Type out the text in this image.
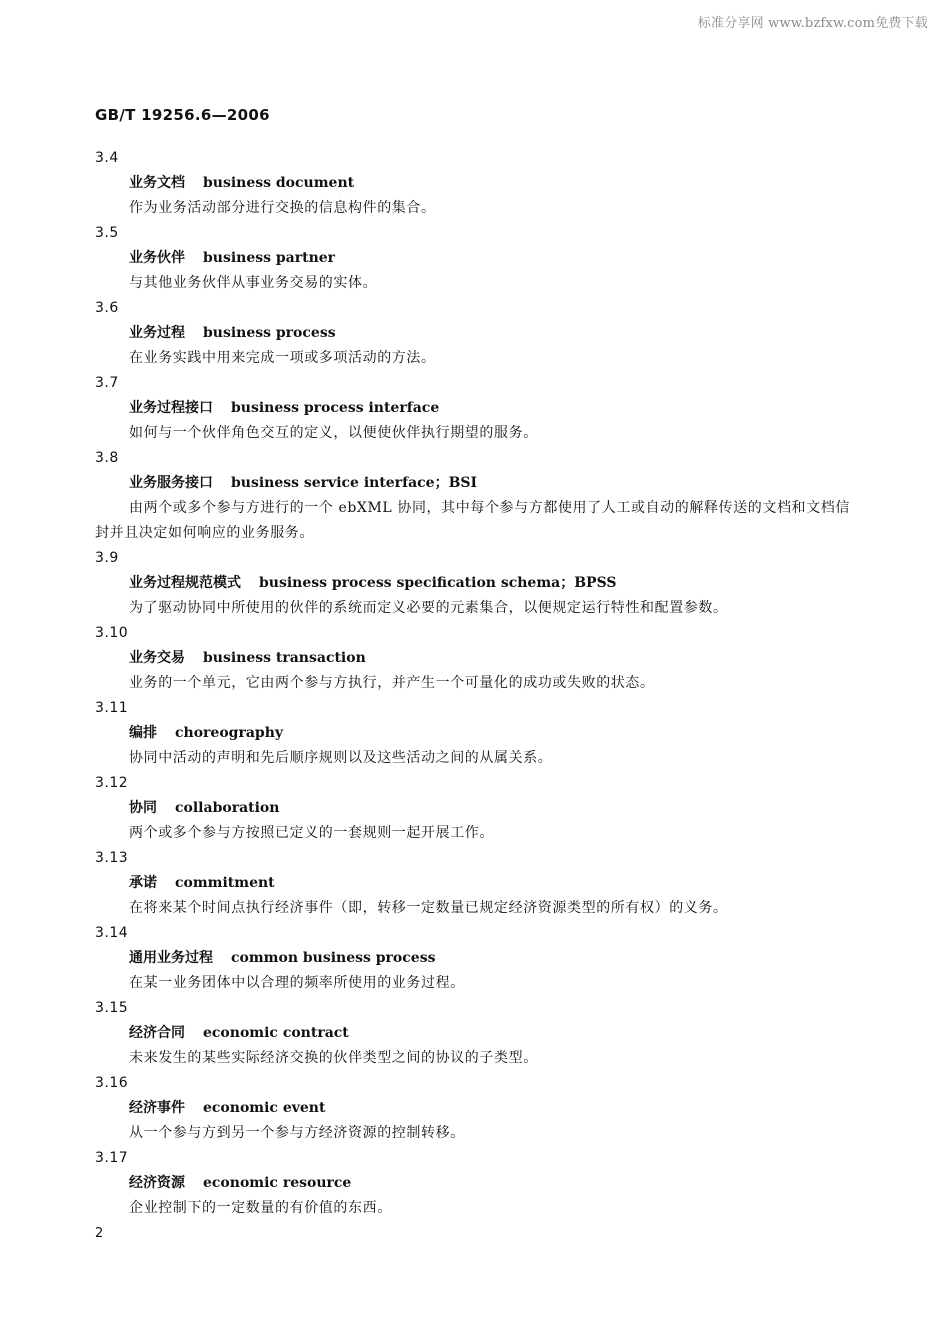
标准分享网 www.bzfxw.com免费下载
GB/T 19256.6—2006
3.4
业务文档 business document
作为业务活动部分进行交换的信息构件的集合。
3.5
业务伙伴 business partner
与其他业务伙伴从事业务交易的实体。
3.6
业务过程 business process
在业务实践中用来完成一项或多项活动的方法。
3.7
业务过程接口 business process interface
如何与一个伙伴角色交互的定义，以便使伙伴执行期望的服务。
3.8
业务服务接口 business service interface；BSI
由两个或多个参与方进行的一个 ebXML 协同，其中每个参与方都使用了人工或自动的解释传送的文档和文档信封并且决定如何响应的业务服务。
3.9
业务过程规范模式 business process specification schema；BPSS
为了驱动协同中所使用的伙伴的系统而定义必要的元素集合，以便规定运行特性和配置参数。
3.10
业务交易 business transaction
业务的一个单元，它由两个参与方执行，并产生一个可量化的成功或失败的状态。
3.11
编排 choreography
协同中活动的声明和先后顺序规则以及这些活动之间的从属关系。
3.12
协同 collaboration
两个或多个参与方按照已定义的一套规则一起开展工作。
3.13
承诺 commitment
在将来某个时间点执行经济事件（即，转移一定数量已规定经济资源类型的所有权）的义务。
3.14
通用业务过程 common business process
在某一业务团体中以合理的频率所使用的业务过程。
3.15
经济合同 economic contract
未来发生的某些实际经济交换的伙伴类型之间的协议的子类型。
3.16
经济事件 economic event
从一个参与方到另一个参与方经济资源的控制转移。
3.17
经济资源 economic resource
企业控制下的一定数量的有价值的东西。
2
